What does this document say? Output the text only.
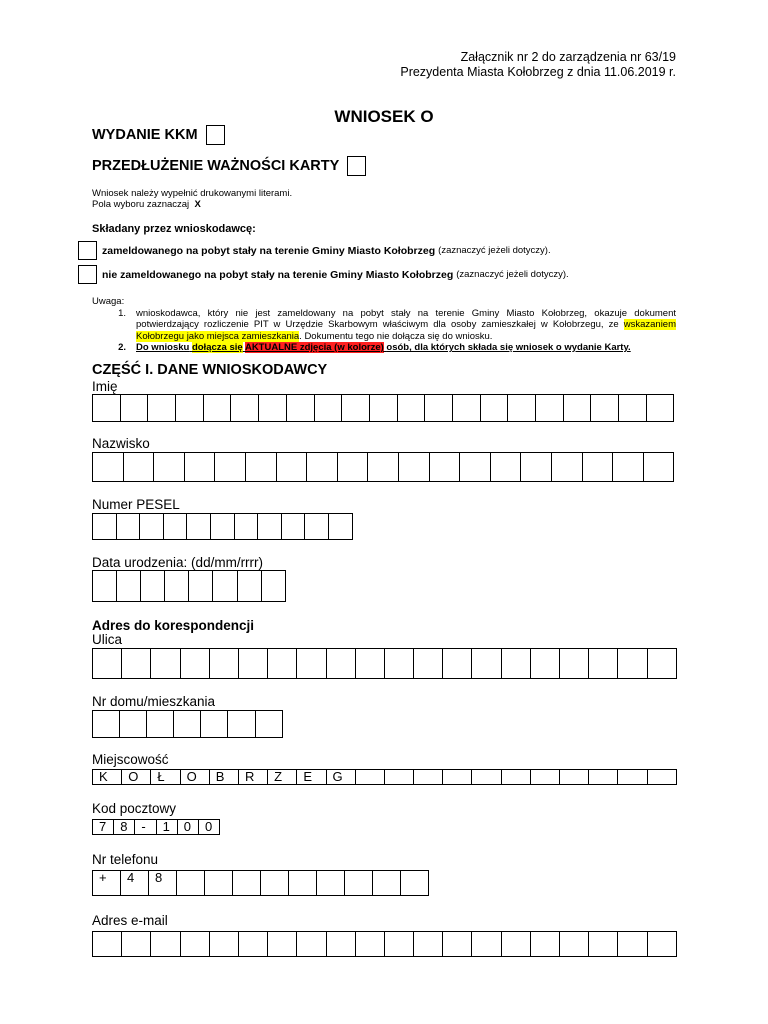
Załącznik nr 2 do zarządzenia nr 63/19
Prezydenta Miasta Kołobrzeg z dnia 11.06.2019 r.
WNIOSEK O
WYDANIE KKM
PRZEDŁUŻENIE WAŻNOŚCI KARTY
Wniosek należy wypełnić drukowanymi literami.
Pola wyboru zaznaczaj X
Składany przez wnioskodawcę:
zameldowanego na pobyt stały na terenie Gminy Miasto Kołobrzeg (zaznaczyć jeżeli dotyczy).
nie zameldowanego na pobyt stały na terenie Gminy Miasto Kołobrzeg (zaznaczyć jeżeli dotyczy).
Uwaga:
1.	wnioskodawca, który nie jest zameldowany na pobyt stały na terenie Gminy Miasto Kołobrzeg, okazuje dokument potwierdzający rozliczenie PIT w Urzędzie Skarbowym właściwym dla osoby zamieszkałej w Kołobrzegu, ze wskazaniem Kołobrzegu jako miejsca zamieszkania. Dokumentu tego nie dołącza się do wniosku.
2.	Do wniosku dołącza się AKTUALNE zdjęcia (w kolorze) osób, dla których składa się wniosek o wydanie Karty.
CZĘŚĆ I. DANE WNIOSKODAWCY
Imię
Nazwisko
Numer PESEL
Data urodzenia: (dd/mm/rrrr)
Adres do korespondencji
Ulica
Nr domu/mieszkania
Miejscowość
K	O	Ł	O	B	R	Z	E	G
Kod pocztowy
7	8	-	1	0	0
Nr telefonu
+	4	8
Adres e-mail
